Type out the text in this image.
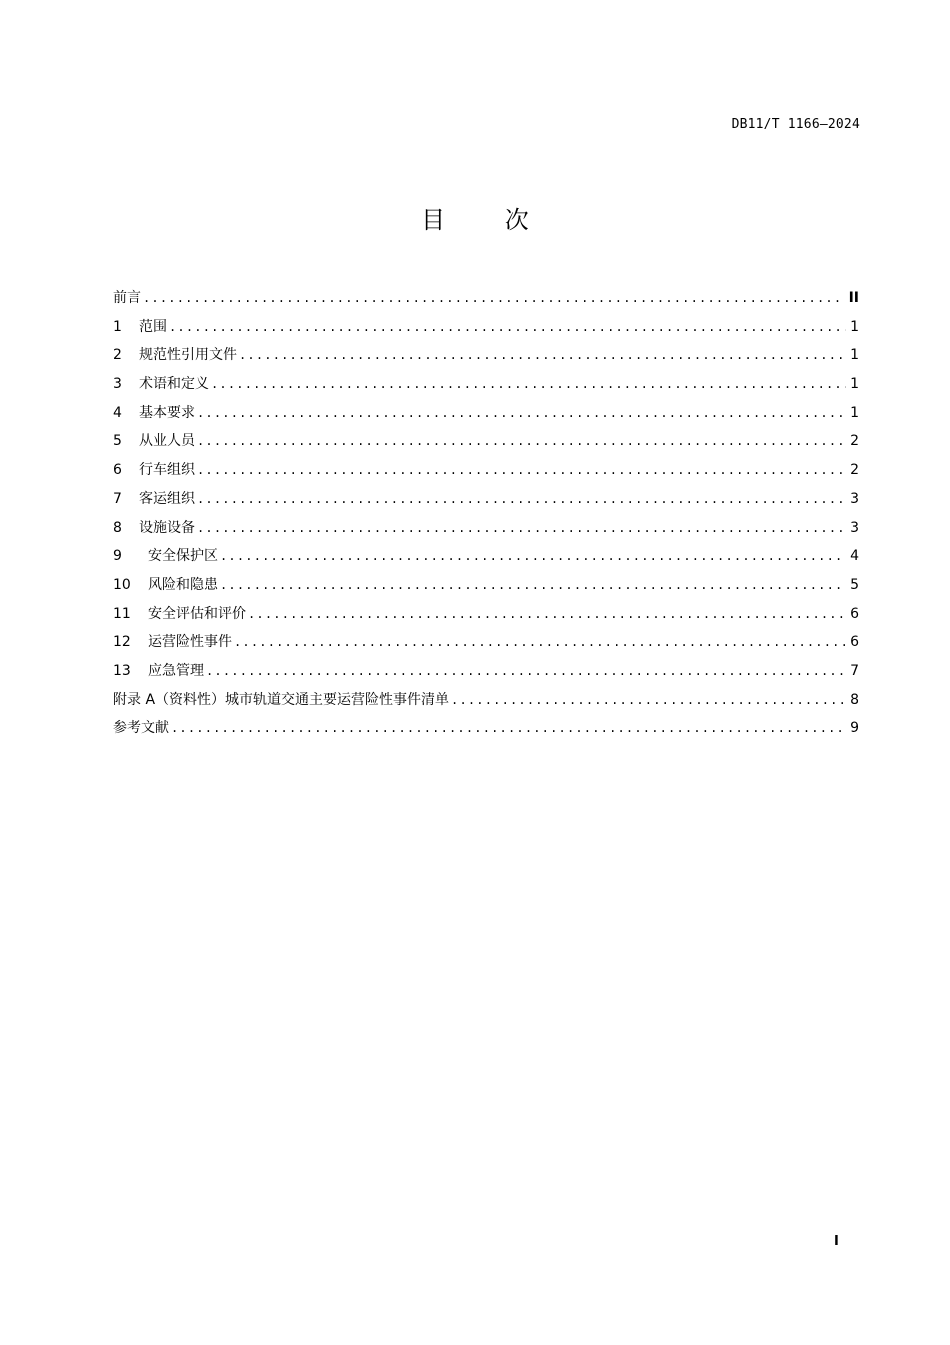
DB11/T 1166—2024
目 次
前言 .....	II
1	范围 .....	1
2	规范性引用文件 .....	1
3	术语和定义 .....	1
4	基本要求 .....	1
5	从业人员 .....	2
6	行车组织 .....	2
7	客运组织 .....	3
8	设施设备 .....	3
9	安全保护区 .....	4
10	风险和隐患 .....	5
11	安全评估和评价 .....	6
12	运营险性事件 .....	6
13	应急管理 .....	7
附录 A（资料性）城市轨道交通主要运营险性事件清单 .....	8
参考文献 .....	9
I
